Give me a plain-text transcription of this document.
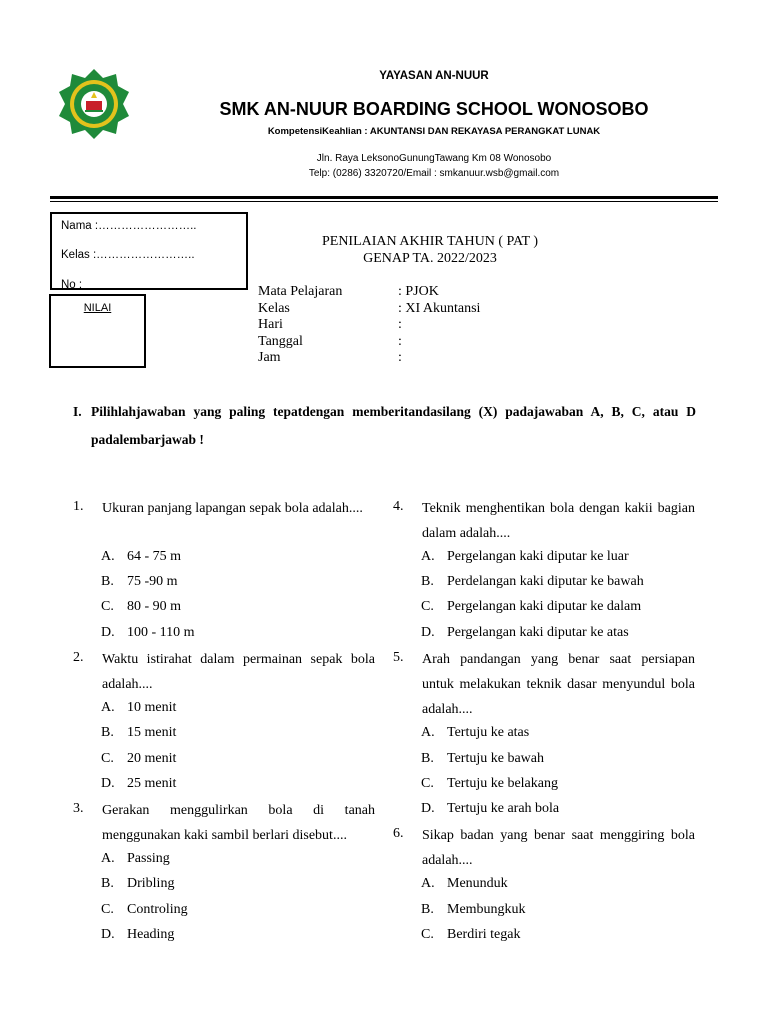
YAYASAN AN-NUUR
SMK AN-NUUR BOARDING SCHOOL WONOSOBO
KompetensiKeahlian : AKUNTANSI DAN REKAYASA PERANGKAT LUNAK
Jln. Raya LeksonoGunungTawang Km 08 Wonosobo
Telp: (0286) 3320720/Email : smkanuur.wsb@gmail.com
Nama :……………………..
Kelas :……………………..
No :
NILAI
PENILAIAN AKHIR TAHUN ( PAT )
GENAP TA. 2022/2023
Mata Pelajaran	: PJOK
Kelas	: XI Akuntansi
Hari	:
Tanggal	:
Jam	:
I. Pilihlahjawaban yang paling tepatdengan memberitandasilang (X) padajawaban A, B, C, atau D padalembarjawab !
1. Ukuran panjang lapangan sepak bola adalah....
A. 64 - 75 m
B. 75 -90 m
C. 80 - 90 m
D. 100 - 110 m
2. Waktu istirahat dalam permainan sepak bola adalah....
A. 10 menit
B. 15 menit
C. 20 menit
D. 25 menit
3. Gerakan menggulirkan bola di tanah menggunakan kaki sambil berlari disebut....
A. Passing
B. Dribling
C. Controling
D. Heading
4. Teknik menghentikan bola dengan kakii bagian dalam adalah....
A. Pergelangan kaki diputar ke luar
B. Perdelangan kaki diputar ke bawah
C. Pergelangan kaki diputar ke dalam
D. Pergelangan kaki diputar ke atas
5. Arah pandangan yang benar saat persiapan untuk melakukan teknik dasar menyundul bola adalah....
A. Tertuju ke atas
B. Tertuju ke bawah
C. Tertuju ke belakang
D. Tertuju ke arah bola
6. Sikap badan yang benar saat menggiring bola adalah....
A. Menunduk
B. Membungkuk
C. Berdiri tegak
